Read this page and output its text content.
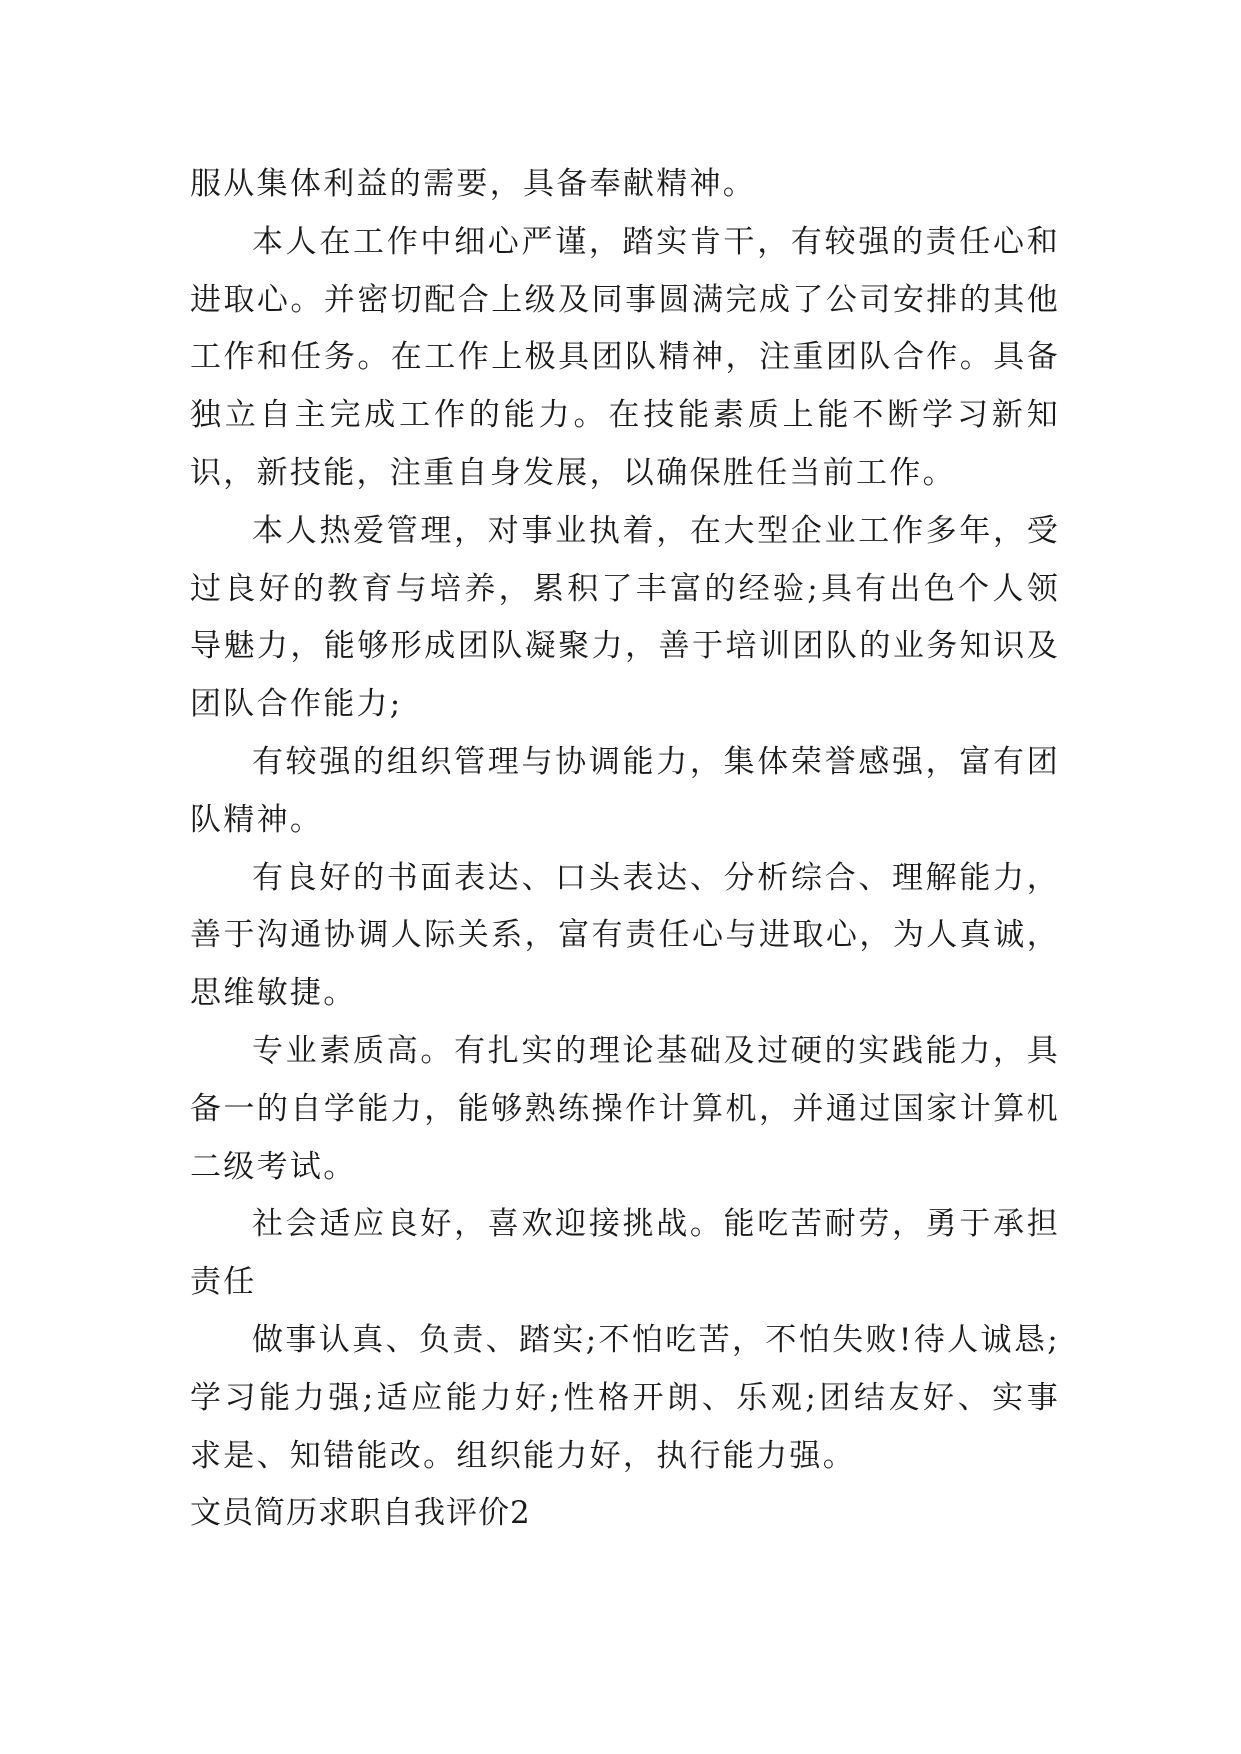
服从集体利益的需要，具备奉献精神。

本人在工作中细心严谨，踏实肯干，有较强的责任心和进取心。并密切配合上级及同事圆满完成了公司安排的其他工作和任务。在工作上极具团队精神，注重团队合作。具备独立自主完成工作的能力。在技能素质上能不断学习新知识，新技能，注重自身发展，以确保胜任当前工作。

本人热爱管理，对事业执着，在大型企业工作多年，受过良好的教育与培养，累积了丰富的经验;具有出色个人领导魅力，能够形成团队凝聚力，善于培训团队的业务知识及团队合作能力;

有较强的组织管理与协调能力，集体荣誉感强，富有团队精神。

有良好的书面表达、口头表达、分析综合、理解能力，善于沟通协调人际关系，富有责任心与进取心，为人真诚，思维敏捷。

专业素质高。有扎实的理论基础及过硬的实践能力，具备一的自学能力，能够熟练操作计算机，并通过国家计算机二级考试。

社会适应良好，喜欢迎接挑战。能吃苦耐劳，勇于承担责任

做事认真、负责、踏实;不怕吃苦，不怕失败!待人诚恳;学习能力强;适应能力好;性格开朗、乐观;团结友好、实事求是、知错能改。组织能力好，执行能力强。

文员简历求职自我评价2
